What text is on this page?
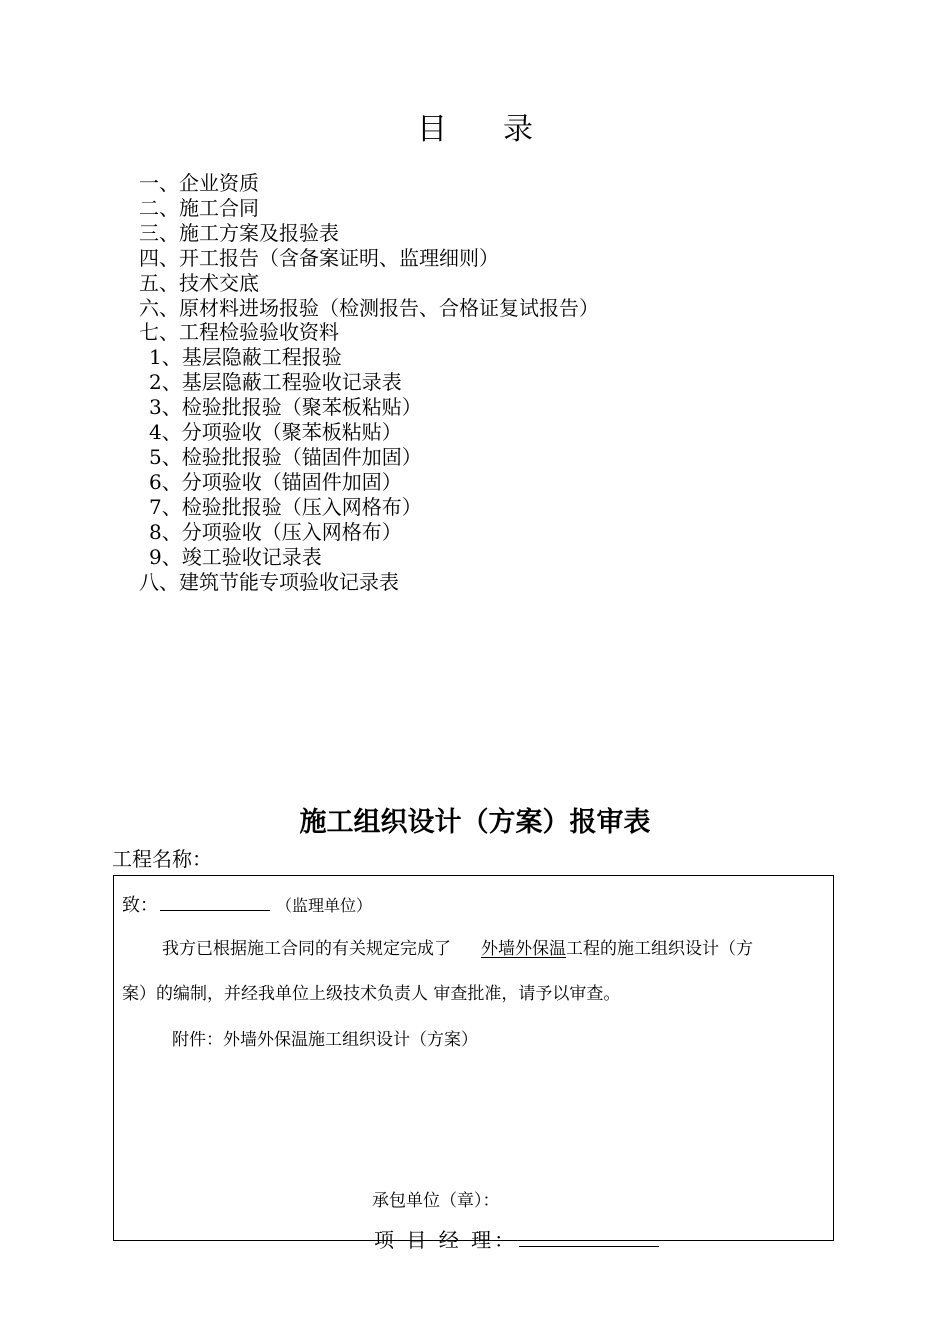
目 录
一、企业资质
二、施工合同
三、施工方案及报验表
四、开工报告（含备案证明、监理细则）
五、技术交底
六、原材料进场报验（检测报告、合格证复试报告）
七、工程检验验收资料
1、基层隐蔽工程报验
2、基层隐蔽工程验收记录表
3、检验批报验（聚苯板粘贴）
4、分项验收（聚苯板粘贴）
5、检验批报验（锚固件加固）
6、分项验收（锚固件加固）
7、检验批报验（压入网格布）
8、分项验收（压入网格布）
9、竣工验收记录表
八、建筑节能专项验收记录表
施工组织设计（方案）报审表
工程名称：
致：	（监理单位）
我方已根据施工合同的有关规定完成了 外墙外保温工程的施工组织设计（方
案）的编制，并经我单位上级技术负责人 审查批准，请予以审查。
附件：外墙外保温施工组织设计（方案）
承包单位（章）：
项 目 经 理：
